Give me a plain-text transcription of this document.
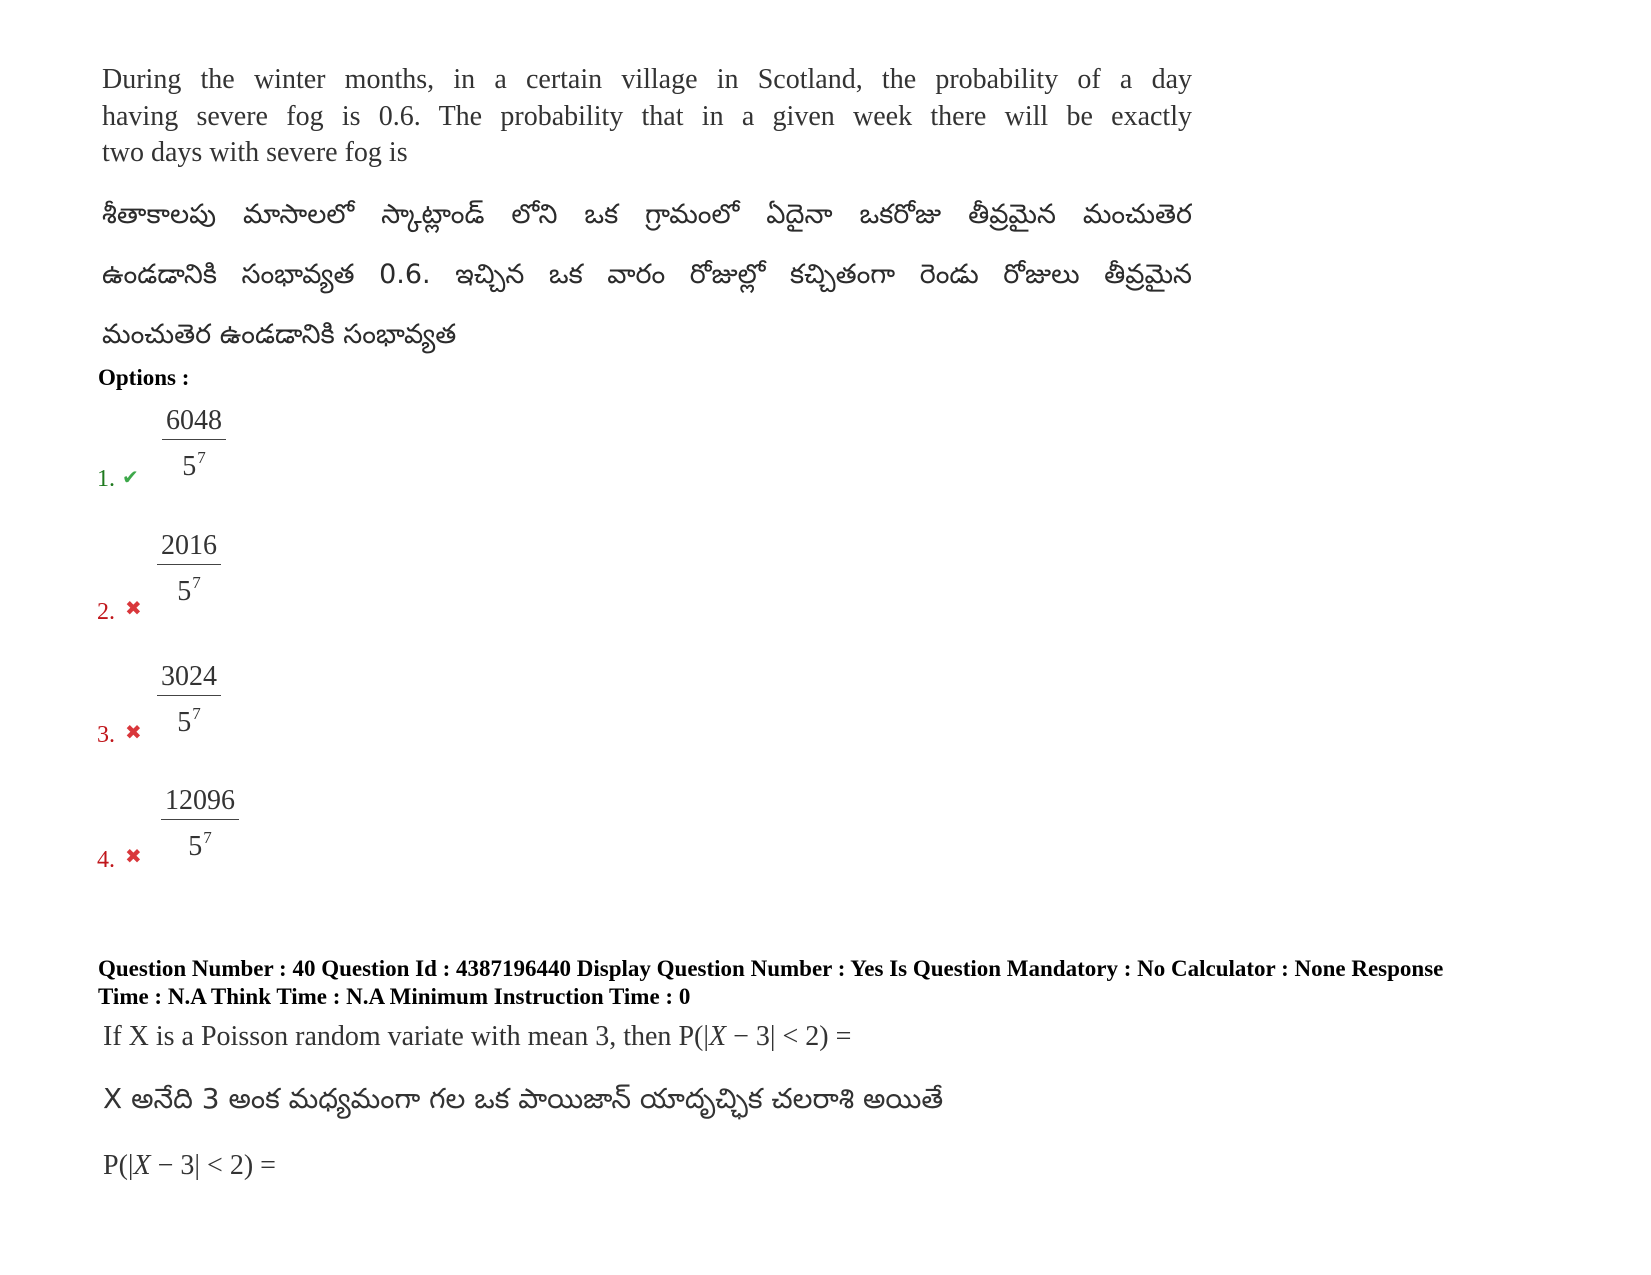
During the winter months, in a certain village in Scotland, the probability of a day
having severe fog is 0.6. The probability that in a given week there will be exactly
two days with severe fog is
శీతాకాలపు మాసాలలో స్కాట్లాండ్ లోని ఒక గ్రామంలో ఏదైనా ఒకరోజు తీవ్రమైన మంచుతెర
ఉండడానికి సంభావ్యత 0.6. ఇచ్చిన ఒక వారం రోజుల్లో కచ్చితంగా రెండు రోజులు తీవ్రమైన
మంచుతెర ఉండడానికి సంభావ్యత
Options :
1. ✔ $\frac{6048}{5^7}$
2. ✖ $\frac{2016}{5^7}$
3. ✖ $\frac{3024}{5^7}$
4. ✖ $\frac{12096}{5^7}$
Question Number : 40 Question Id : 4387196440 Display Question Number : Yes Is Question Mandatory : No Calculator : None Response
Time : N.A Think Time : N.A Minimum Instruction Time : 0
If X is a Poisson random variate with mean 3, then P(|X − 3| < 2) =
X అనేది 3 అంక మధ్యమంగా గల ఒక పాయిజాన్ యాదృచ్ఛిక చలరాశి అయితే
P(|X − 3| < 2) =
